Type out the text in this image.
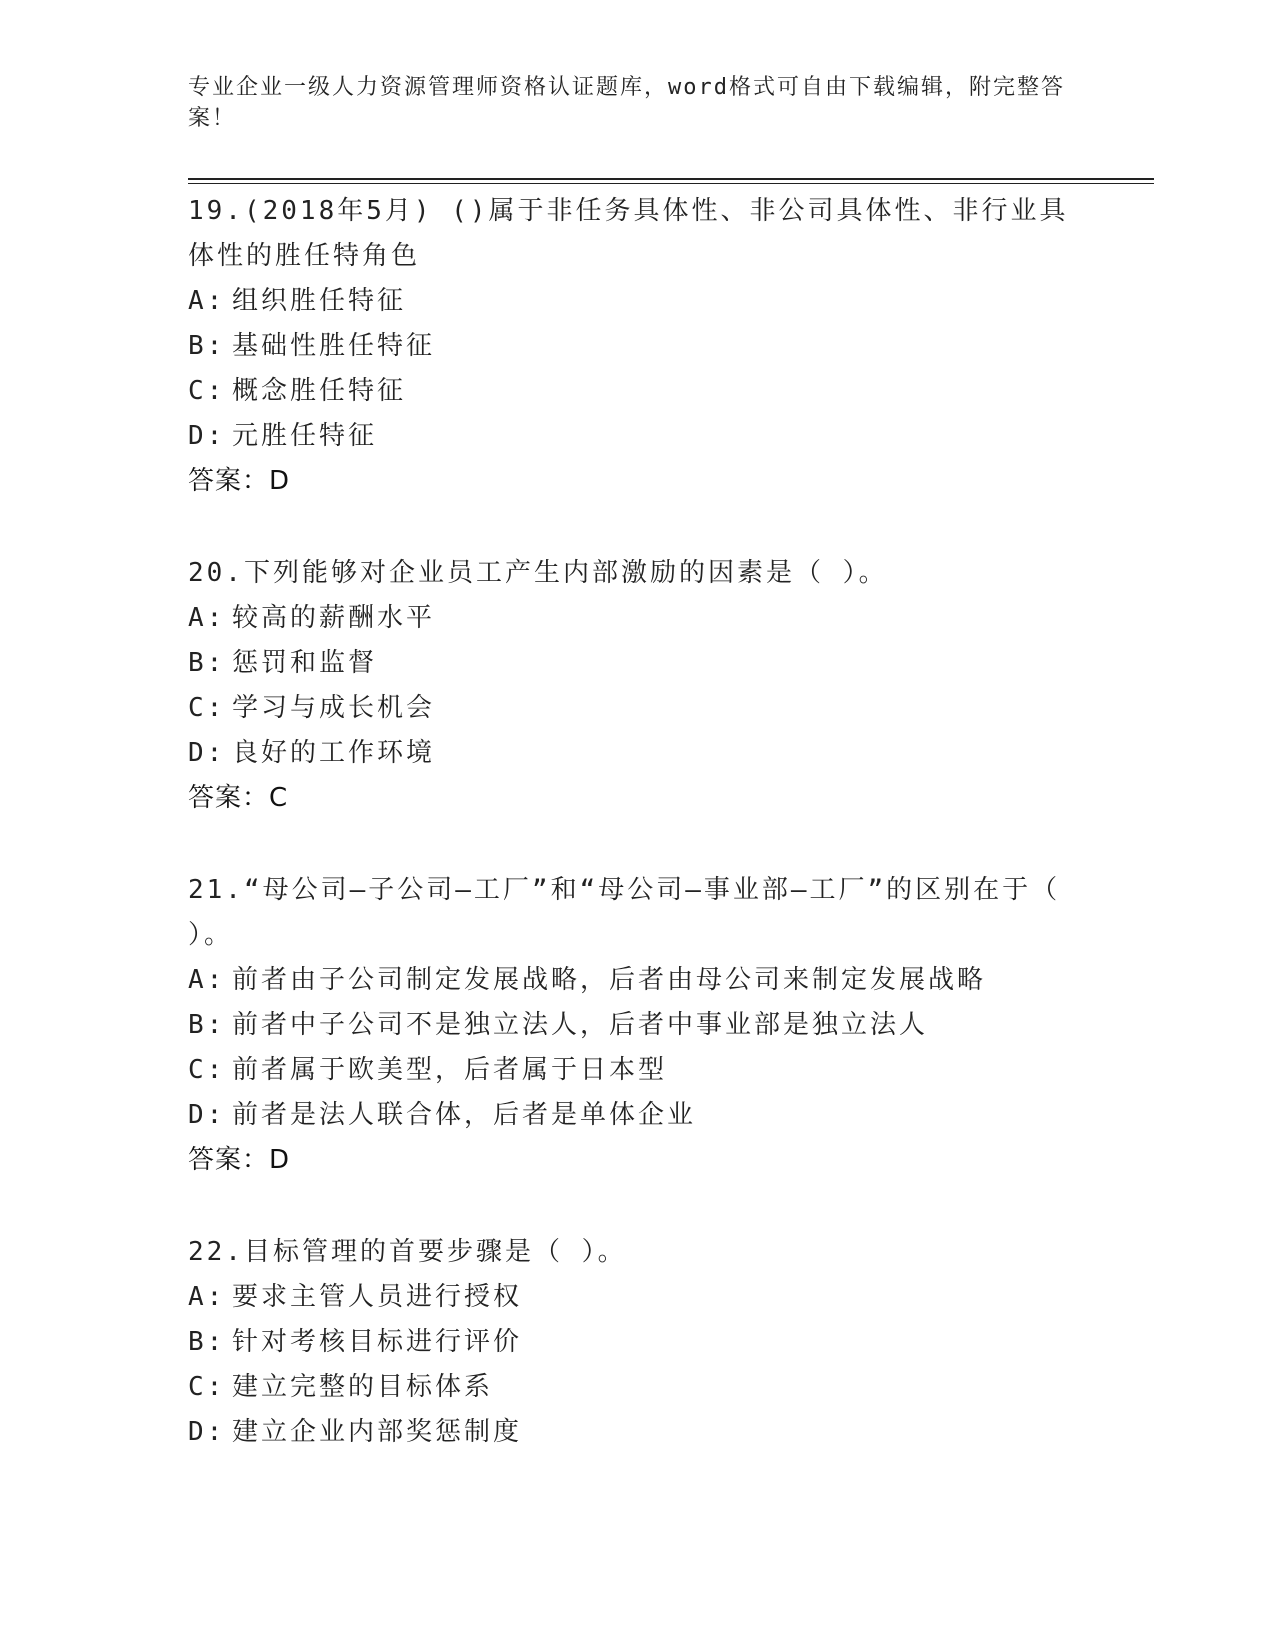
专业企业一级人力资源管理师资格认证题库，word格式可自由下载编辑，附完整答案！
19.(2018年5月) ()属于非任务具体性、非公司具体性、非行业具体性的胜任特角色
A: 组织胜任特征
B: 基础性胜任特征
C: 概念胜任特征
D: 元胜任特征
答案：D
20.下列能够对企业员工产生内部激励的因素是（ ）。
A: 较高的薪酬水平
B: 惩罚和监督
C: 学习与成长机会
D: 良好的工作环境
答案：C
21.“母公司—子公司—工厂”和“母公司—事业部—工厂”的区别在于（ ）。
A: 前者由子公司制定发展战略，后者由母公司来制定发展战略
B: 前者中子公司不是独立法人，后者中事业部是独立法人
C: 前者属于欧美型，后者属于日本型
D: 前者是法人联合体，后者是单体企业
答案：D
22.目标管理的首要步骤是（ ）。
A: 要求主管人员进行授权
B: 针对考核目标进行评价
C: 建立完整的目标体系
D: 建立企业内部奖惩制度
